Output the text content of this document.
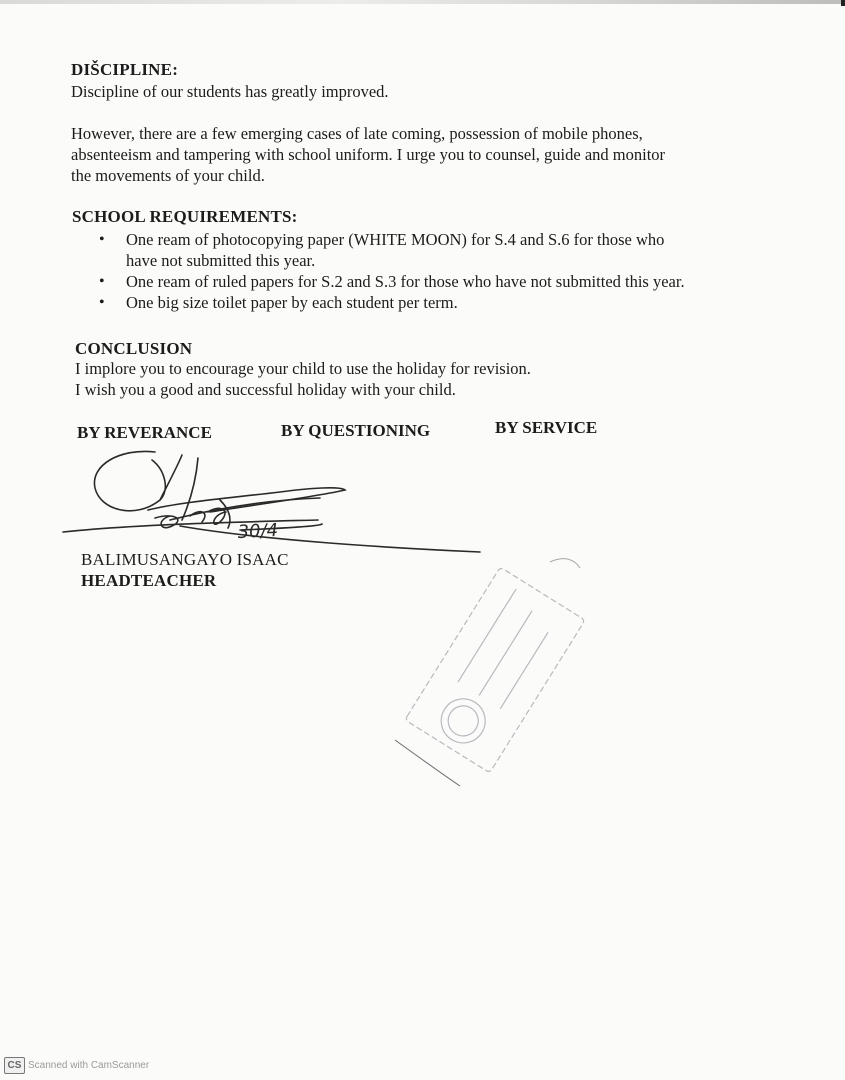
DIŠCIPLINE:
Discipline of our students has greatly improved.

However, there are a few emerging cases of late coming, possession of mobile phones,

absenteeism and tampering with school uniform. I urge you to counsel, guide and monitor

the movements of your child.

SCHOOL REQUIREMENTS:
• One ream of photocopying paper (WHITE MOON) for S.4 and S.6 for those who
have not submitted this year.
• One ream of ruled papers for S.2 and S.3 for those who have not submitted this year.
• One big size toilet paper by each student per term.
CONCLUSION

I implore you to encourage your child to use the holiday for revision.

I wish you a good and successful holiday with your child.

BY REVERANCE	BY QUESTIONING	BY SERVICE
30/4
BALIMUSANGAYO ISAAC
HEADTEACHER
CS Scanned with CamScanner
